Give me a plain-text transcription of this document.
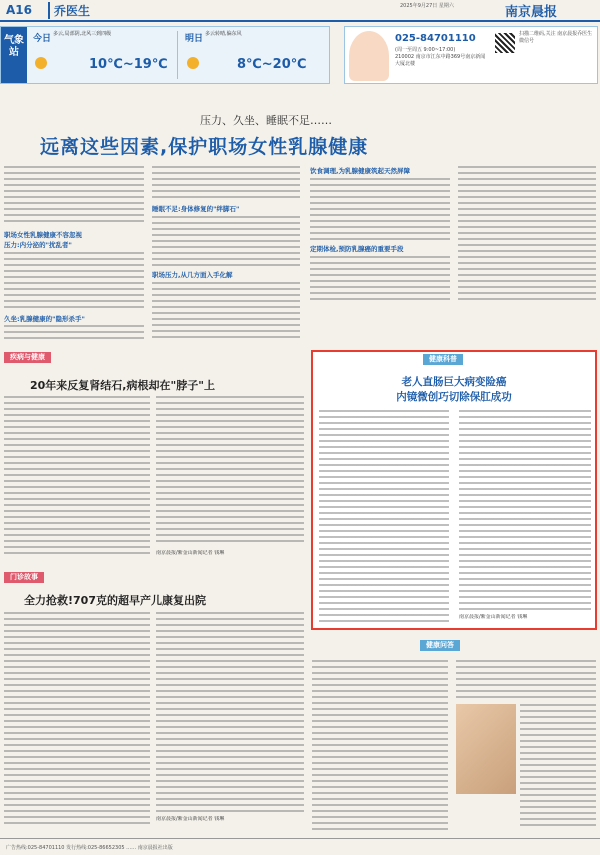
A16	乔医生	2025年9月27日 星期六	南京晨报
气象站
今日 多云,局部阴,北风三到四级
10℃~19℃
明日 多云转晴,偏东风
8℃~20℃
025-84701110
(周一至周五 9:00~17:00)
210002 南京市江东中路369号南京新闻大厦北楼
扫描二维码,关注 南京晨报乔医生 微信号
压力、久坐、睡眠不足……
远离这些因素,保护职场女性乳腺健康
职场女性乳腺健康不容忽视
压力:内分泌的"扰乱者"
久坐:乳腺健康的"隐形杀手"
睡眠不足:身体修复的"绊脚石"
职场压力,从几方面入手化解
饮食调理,为乳腺健康筑起天然屏障
定期体检,预防乳腺癌的重要手段
疾病与健康
20年来反复肾结石,病根却在"脖子"上
南京晨报/紫金山新闻记者 钱琳
门诊故事
全力抢救!707克的超早产儿康复出院
南京晨报/紫金山新闻记者 钱琳
健康科普
老人直肠巨大病变险癌
内镜微创巧切除保肛成功
南京晨报/紫金山新闻记者 钱琳
健康问答
广告热线:025-84701110 发行热线:025-86652305 …… 南京晨报社出版
